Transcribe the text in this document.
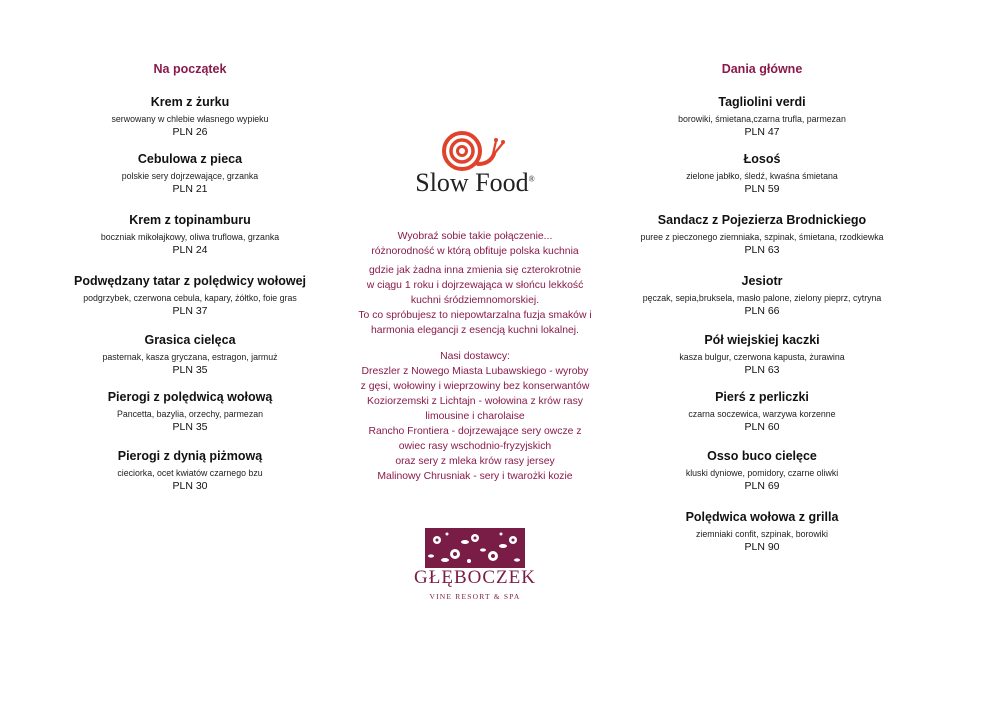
Na początek
Krem z żurku
serwowany w chlebie własnego wypieku
PLN 26
Cebulowa z pieca
polskie sery dojrzewające, grzanka
PLN 21
Krem z topinamburu
boczniak mikołajkowy, oliwa truflowa, grzanka
PLN 24
Podwędzany tatar z polędwicy wołowej
podgrzybek, czerwona cebula, kapary, żółtko, foie gras
PLN 37
Grasica cielęca
pasternak, kasza gryczana, estragon, jarmuż
PLN 35
Pierogi z polędwicą wołową
Pancetta, bazylia, orzechy, parmezan
PLN 35
Pierogi z dynią piżmową
cieciorka, ocet kwiatów czarnego bzu
PLN 30
Slow Food®
Wyobraź sobie takie połączenie...
różnorodność w którą obfituje polska kuchnia
gdzie jak żadna inna zmienia się czterokrotnie
w ciągu 1 roku i dojrzewająca w słońcu lekkość
kuchni śródziemnomorskiej.
To co spróbujesz to niepowtarzalna fuzja smaków i
harmonia elegancji z esencją kuchni lokalnej.
Nasi dostawcy:
Dreszler z Nowego Miasta Lubawskiego - wyroby
z gęsi, wołowiny i wieprzowiny bez konserwantów
Koziorzemski z Lichtajn - wołowina z krów rasy
limousine i charolaise
Rancho Frontiera - dojrzewające sery owcze z
owiec rasy wschodnio-fryzyjskich
oraz sery z mleka krów rasy jersey
Malinowy Chrusniak - sery i twarożki kozie
GŁĘBOCZEK
VINE RESORT & SPA
Dania główne
Tagliolini verdi
borowiki, śmietana,czarna trufla, parmezan
PLN 47
Łosoś
zielone jabłko, śledź, kwaśna śmietana
PLN 59
Sandacz z Pojezierza Brodnickiego
puree z pieczonego ziemniaka, szpinak, śmietana, rzodkiewka
PLN 63
Jesiotr
pęczak, sepia,bruksela, masło palone, zielony pieprz, cytryna
PLN 66
Pół wiejskiej kaczki
kasza bulgur, czerwona kapusta, żurawina
PLN 63
Pierś z perliczki
czarna soczewica, warzywa korzenne
PLN 60
Osso buco cielęce
kluski dyniowe, pomidory, czarne oliwki
PLN 69
Polędwica wołowa z grilla
ziemniaki confit, szpinak, borowiki
PLN 90
